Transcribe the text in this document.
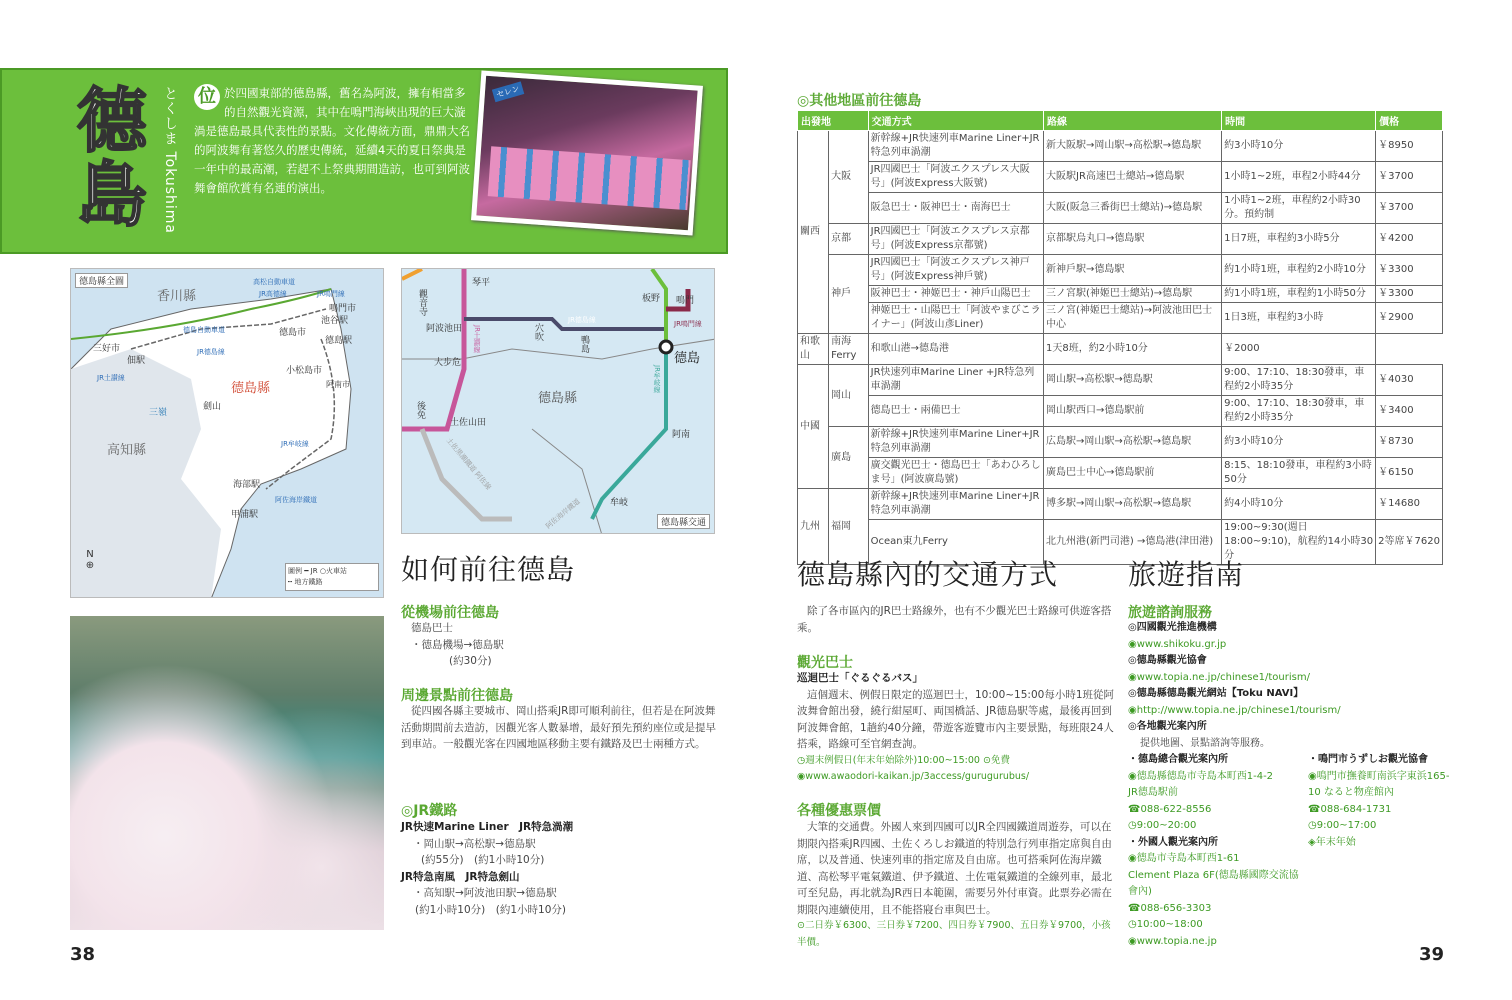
德
島	とくしま Tokushima 位 於四國東部的德島縣，舊名為阿波，擁有相當多的自然觀光資源，其中在鳴門海峽出現的巨大漩渦是德島最具代表性的景點。文化傳統方面，鼎鼎大名的阿波舞有著悠久的歷史傳統，延續4天的夏日祭典是一年中的最高潮，若趕不上祭典期間造訪，也可到阿波舞會館欣賞有名連的演出。
セレン
德島縣全圖
香川縣
高知縣
德島縣
鳴門市
池谷駅
德島市
德島駅
小松島市
三好市
佃駅
劍山
三嶺
海部駅
甲浦駅
阿南市
JR高德線	JR鳴門線
德島自動車道
JR德島線
JR土讃線
JR牟岐線
阿佐海岸鐵道
高松自動車道
N
⊕	圖例 ━ JR ○火車站
┅ 地方鐵路
德島縣交通
德島縣
琴平
觀音寺
阿波池田	穴吹
鴨島
大步危
土佐山田
後免
板野 鳴門
德島
阿南
牟岐
JR德島線
JR土讃線
JR牟岐線
JR鳴門線
土佐黒潮鐵道 阿佐線
阿佐海岸鐵道
如何前往德島
從機場前往德島
德島巴士
・德島機場→德島駅
(約30分)
周邊景點前往德島
從四國各縣主要城市、岡山搭乘JR即可順利前往，但若是在阿波舞活動期間前去造訪，因觀光客人數暴增，最好預先預約座位或是提早到車站。一般觀光客在四國地區移動主要有鐵路及巴士兩種方式。
◎JR鐵路
JR快速Marine Liner　JR特急渦潮
・岡山駅→高松駅→德島駅
(約55分)　(約1小時10分)
JR特急南風　JR特急劍山
・高知駅→阿波池田駅→德島駅
(約1小時10分)　(約1小時10分)
38	39
◎其他地區前往德島
出發地		交通方式	路線	時間	價格
關西	大阪	新幹線+JR快速列車Marine Liner+JR特急列車渦潮	新大阪駅→岡山駅→高松駅→德島駅	約3小時10分	￥8950
		JR四國巴士「阿波エクスプレス大阪号」(阿波Express大阪號)	大阪駅JR高速巴士總站→德島駅	1小時1~2班，車程2小時44分	￥3700
		阪急巴士・阪神巴士・南海巴士	大阪(阪急三番街巴士總站)→德島駅	1小時1~2班，車程約2小時30分。預約制	￥3700
	京都	JR四國巴士「阿波エクスプレス京都号」(阿波Express京都號)	京都駅烏丸口→德島駅	1日7班，車程約3小時5分	￥4200
	神戶	JR四國巴士「阿波エクスプレス神戸号」(阿波Express神戶號)	新神戶駅→德島駅	約1小時1班，車程約2小時10分	￥3300
		阪神巴士・神姬巴士・神戶山陽巴士	三ノ宮駅(神姬巴士總站)→德島駅	約1小時1班，車程約1小時50分	￥3300
		神姬巴士・山陽巴士「阿波やまびこライナー」(阿波山彥Liner)	三ノ宮(神姬巴士總站)→阿波池田巴士中心	1日3班，車程約3小時	￥2900
和歌山	南海Ferry	和歌山港→德島港	1天8班，約2小時10分	￥2000	
中國	岡山	JR快速列車Marine Liner +JR特急列車渦潮	岡山駅→高松駅→德島駅	9:00、17:10、18:30發車，車程約2小時35分	￥4030
		德島巴士・兩備巴士	岡山駅西口→德島駅前	9:00、17:10、18:30發車，車程約2小時35分	￥3400
	廣島	新幹線+JR快速列車Marine Liner+JR特急列車渦潮	広島駅→岡山駅→高松駅→德島駅	約3小時10分	￥8730
		廣交觀光巴士・德島巴士「あわひろしま号」(阿波廣島號)	廣島巴士中心→德島駅前	8:15、18:10發車，車程約3小時50分	￥6150
九州	福岡	新幹線+JR快速列車Marine Liner+JR特急列車渦潮	博多駅→岡山駅→高松駅→德島駅	約4小時10分	￥14680
		Ocean東九Ferry	北九州港(新門司港) →德島港(津田港)	19:00~9:30(週日18:00~9:10)，航程約14小時30分	2等席￥7620
德島縣內的交通方式
除了各市區內的JR巴士路線外，也有不少觀光巴士路線可供遊客搭乘。
觀光巴士
巡迴巴士「ぐるぐるバス」
這個週末、例假日限定的巡迴巴士，10:00~15:00每小時1班從阿波舞會館出發，繞行紺屋町、両国橋話、JR德島駅等處，最後再回到阿波舞會館，1趟約40分鐘，帶遊客遊覽市內主要景點，每班限24人搭乘，路線可至官網查詢。
◷週末例假日(年末年始除外)10:00~15:00 ⊙免費
◉www.awaodori-kaikan.jp/3access/gurugurubus/
各種優惠票價
大筆的交通費。外國人來到四國可以JR全四國鐵道周遊券，可以在期限內搭乘JR四國、土佐くろしお鐵道的特別急行列車指定席與自由席，以及普通、快速列車的指定席及自由席。也可搭乘阿佐海岸鐵道、高松琴平電氣鐵道、伊予鐵道、土佐電氣鐵道的全線列車，最北可至兒島，再北就為JR西日本範圍，需要另外付車資。此票券必需在期限內連續使用，且不能搭寢台車與巴士。
⊙二日券￥6300、三日券￥7200、四日券￥7900、五日券￥9700，小孩半價。
旅遊指南
旅遊諮詢服務
◎四國觀光推進機構
◉www.shikoku.gr.jp
◎德島縣觀光協會
◉www.topia.ne.jp/chinese1/tourism/
◎德島縣德島觀光網站【Toku NAVI】
◉http://www.topia.ne.jp/chinese1/tourism/
◎各地觀光案內所
提供地圖、景點諮詢等服務。
・德島總合觀光案內所
◉德島縣德島市寺島本町西1-4-2
JR德島駅前
☎088-622-8556
◷9:00~20:00
・外國人觀光案內所
◉德島市寺島本町西1-61
Clement Plaza 6F(德島縣國際交流協會內)
☎088-656-3303
◷10:00~18:00
◉www.topia.ne.jp
・鳴門市うずしお觀光協會
◉鳴門市撫養町南浜字東浜165-
10 なると物産館內
☎088-684-1731
◷9:00~17:00
◈年末年始
